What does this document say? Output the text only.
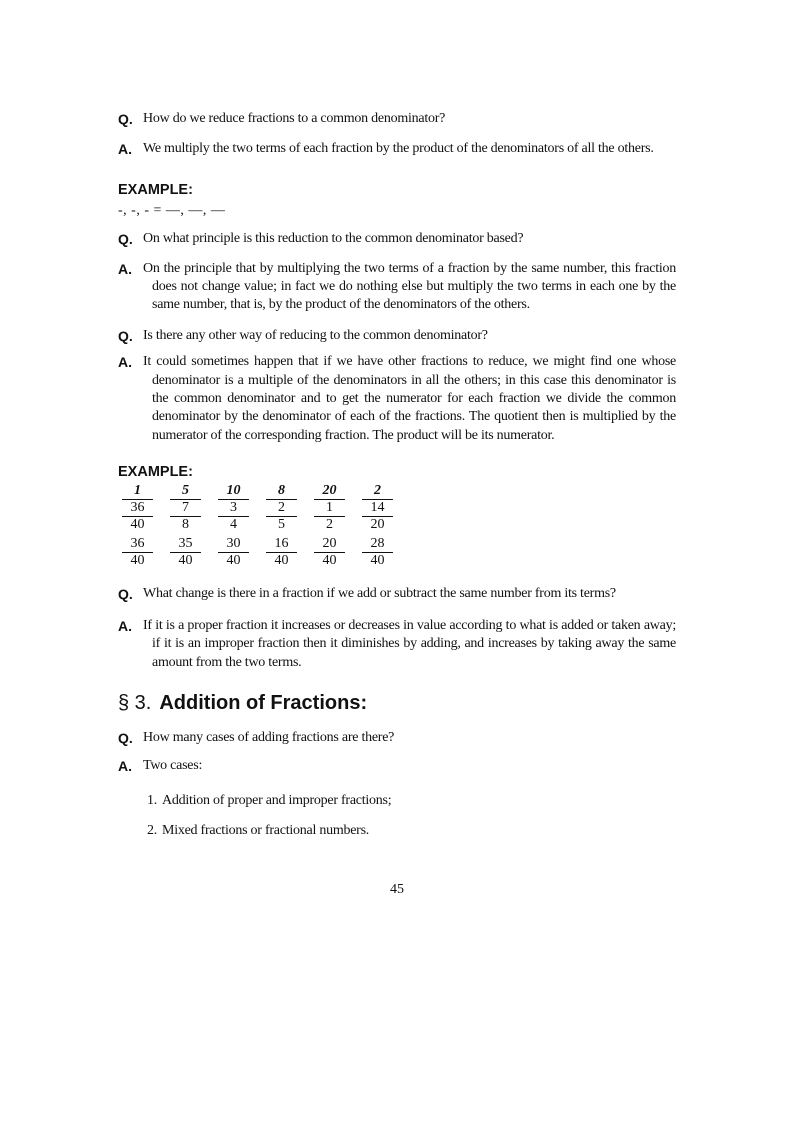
Q. How do we reduce fractions to a common denominator?
A. We multiply the two terms of each fraction by the product of the denominators of all the others.
EXAMPLE:
-, -, - = —, —, —
Q. On what principle is this reduction to the common denominator based?
A. On the principle that by multiplying the two terms of a fraction by the same number, this fraction does not change value; in fact we do nothing else but multiply the two terms in each one by the same number, that is, by the product of the denominators of the others.
Q. Is there any other way of reducing to the common denominator?
A. It could sometimes happen that if we have other fractions to reduce, we might find one whose denominator is a multiple of the denominators in all the others; in this case this denominator is the common denominator and to get the numerator for each fraction we divide the common denominator by the denominator of each of the fractions. The quotient then is multiplied by the numerator of the corresponding fraction. The product will be its numerator.
EXAMPLE:
1
36
40
36
40
5
7
8
35
40
10
3
4
30
40
8
2
5
16
40
20
1
2
20
40
2
14
20
28
40
Q. What change is there in a fraction if we add or subtract the same number from its terms?
A. If it is a proper fraction it increases or decreases in value according to what is added or taken away; if it is an improper fraction then it diminishes by adding, and increases by taking away the same amount from the two terms.
§ 3. Addition of Fractions:
Q. How many cases of adding fractions are there?
A. Two cases:
1. Addition of proper and improper fractions;
2. Mixed fractions or fractional numbers.
45
